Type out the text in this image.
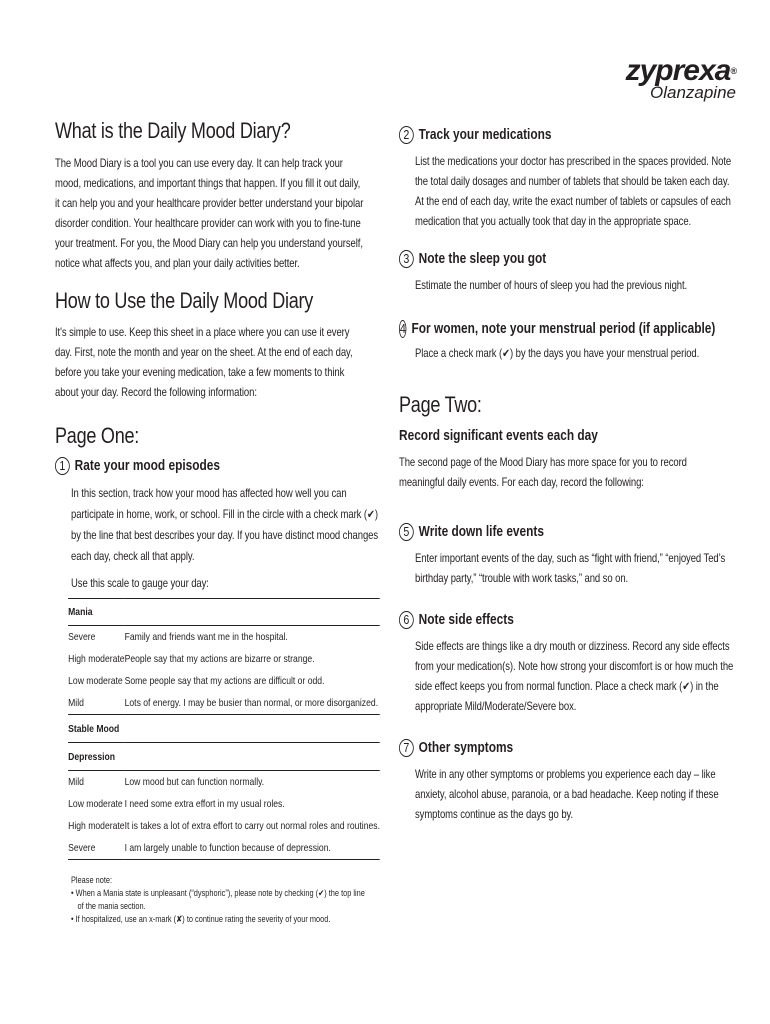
zyprexa®
Olanzapine
What is the Daily Mood Diary?

The Mood Diary is a tool you can use every day. It can help track your mood, medications, and important things that happen. If you fill it out daily, it can help you and your healthcare provider better understand your bipolar disorder condition. Your healthcare provider can work with you to fine-tune your treatment. For you, the Mood Diary can help you understand yourself, notice what affects you, and plan your daily activities better.

How to Use the Daily Mood Diary

It's simple to use. Keep this sheet in a place where you can use it every day. First, note the month and year on the sheet. At the end of each day, before you take your evening medication, take a few moments to think about your day. Record the following information:

Page One:
1 Rate your mood episodes

In this section, track how your mood has affected how well you can participate in home, work, or school. Fill in the circle with a check mark (✔) by the line that best describes your day. If you have distinct mood changes each day, check all that apply.

Use this scale to gauge your day:

Mania	
Severe	Family and friends want me in the hospital.
High moderate	People say that my actions are bizarre or strange.
Low moderate	Some people say that my actions are difficult or odd.
Mild	Lots of energy. I may be busier than normal, or more disorganized.
Stable Mood	
Depression	
Mild	Low mood but can function normally.
Low moderate	I need some extra effort in my usual roles.
High moderate	It is takes a lot of extra effort to carry out normal roles and routines.
Severe	I am largely unable to function because of depression.

Please note:

• When a Mania state is unpleasant (“dysphoric”), please note by checking (✔) the top line

of the mania section.

• If hospitalized, use an x-mark (✘) to continue rating the severity of your mood.

2 Track your medications

List the medications your doctor has prescribed in the spaces provided. Note the total daily dosages and number of tablets that should be taken each day. At the end of each day, write the exact number of tablets or capsules of each medication that you actually took that day in the appropriate space.

3 Note the sleep you got

Estimate the number of hours of sleep you had the previous night.

4 For women, note your menstrual period (if applicable)

Place a check mark (✔) by the days you have your menstrual period.

Page Two:
Record significant events each day

The second page of the Mood Diary has more space for you to record meaningful daily events. For each day, record the following:

5 Write down life events

Enter important events of the day, such as “fight with friend,” “enjoyed Ted’s birthday party,” “trouble with work tasks,” and so on.

6 Note side effects

Side effects are things like a dry mouth or dizziness. Record any side effects from your medication(s). Note how strong your discomfort is or how much the side effect keeps you from normal function. Place a check mark (✔) in the appropriate Mild/Moderate/Severe box.

7 Other symptoms

Write in any other symptoms or problems you experience each day – like anxiety, alcohol abuse, paranoia, or a bad headache. Keep noting if these symptoms continue as the days go by.
